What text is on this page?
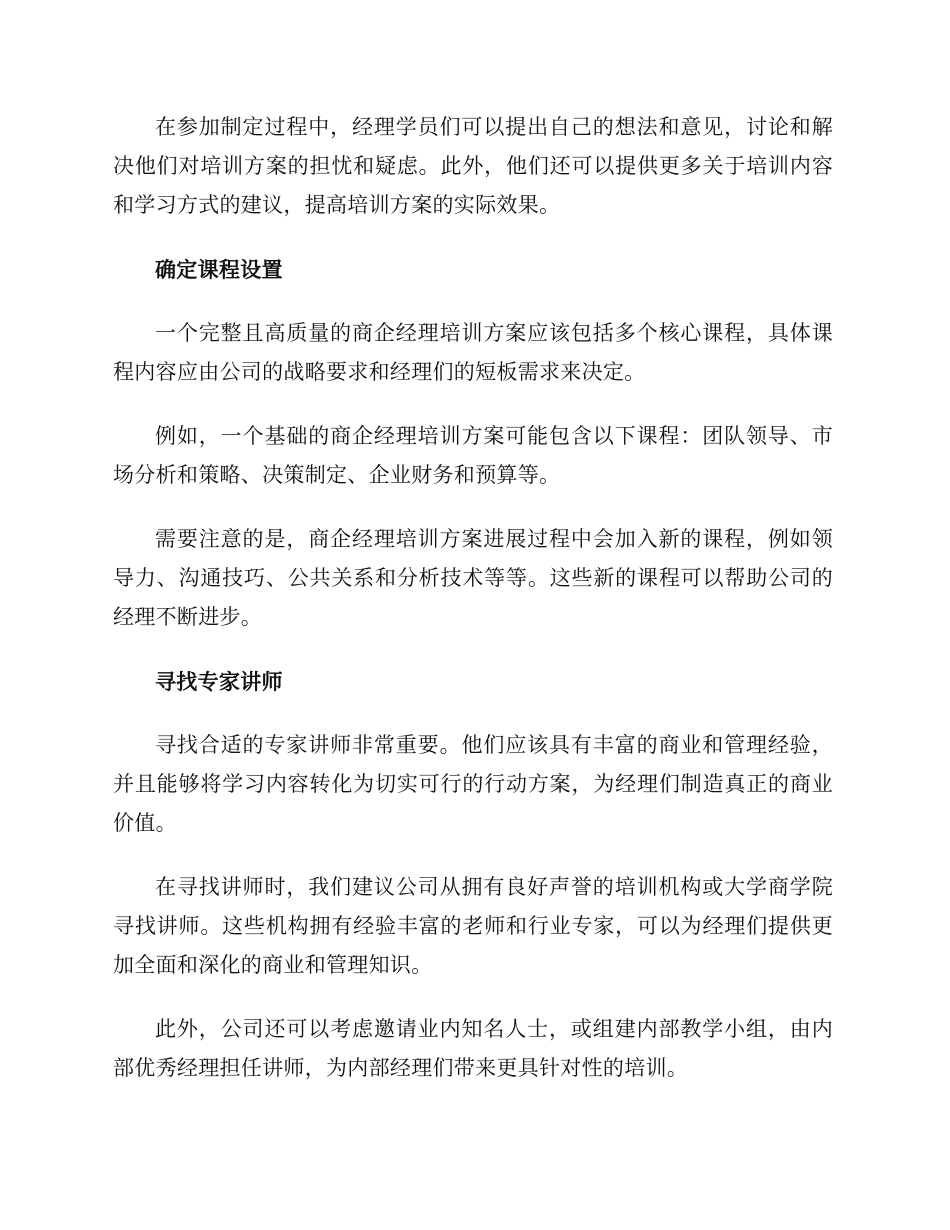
在参加制定过程中，经理学员们可以提出自己的想法和意见，讨论和解决他们对培训方案的担忧和疑虑。此外，他们还可以提供更多关于培训内容和学习方式的建议，提高培训方案的实际效果。

确定课程设置

一个完整且高质量的商企经理培训方案应该包括多个核心课程，具体课程内容应由公司的战略要求和经理们的短板需求来决定。

例如，一个基础的商企经理培训方案可能包含以下课程：团队领导、市场分析和策略、决策制定、企业财务和预算等。

需要注意的是，商企经理培训方案进展过程中会加入新的课程，例如领导力、沟通技巧、公共关系和分析技术等等。这些新的课程可以帮助公司的经理不断进步。

寻找专家讲师

寻找合适的专家讲师非常重要。他们应该具有丰富的商业和管理经验，并且能够将学习内容转化为切实可行的行动方案，为经理们制造真正的商业价值。

在寻找讲师时，我们建议公司从拥有良好声誉的培训机构或大学商学院寻找讲师。这些机构拥有经验丰富的老师和行业专家，可以为经理们提供更加全面和深化的商业和管理知识。

此外，公司还可以考虑邀请业内知名人士，或组建内部教学小组，由内部优秀经理担任讲师，为内部经理们带来更具针对性的培训。
